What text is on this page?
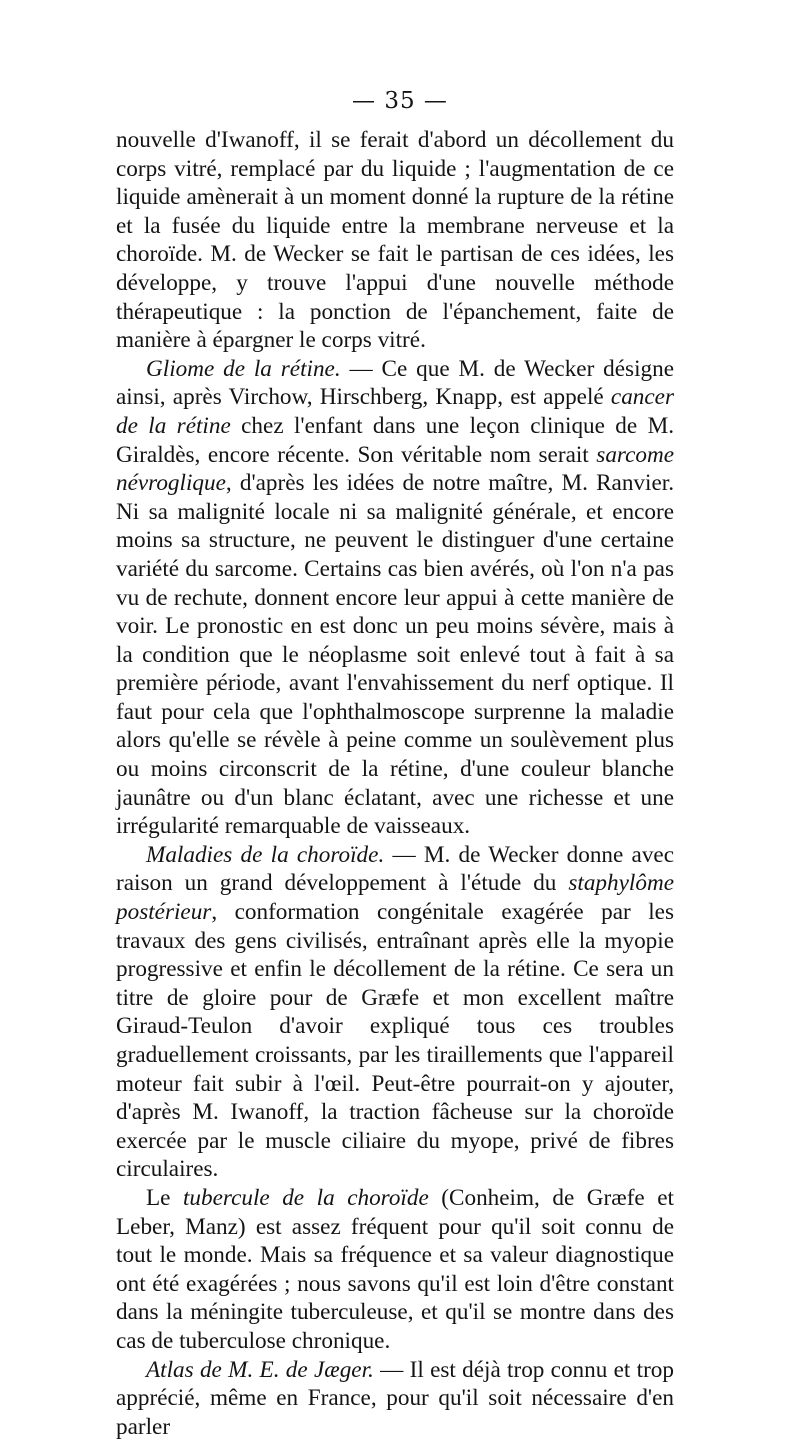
— 35 —

nouvelle d'Iwanoff, il se ferait d'abord un décollement du corps vitré, remplacé par du liquide ; l'augmentation de ce liquide amènerait à un moment donné la rupture de la rétine et la fusée du liquide entre la membrane nerveuse et la choroïde. M. de Wecker se fait le partisan de ces idées, les développe, y trouve l'appui d'une nouvelle méthode thérapeutique : la ponction de l'épanchement, faite de manière à épargner le corps vitré.

Gliome de la rétine. — Ce que M. de Wecker désigne ainsi, après Virchow, Hirschberg, Knapp, est appelé cancer de la rétine chez l'enfant dans une leçon clinique de M. Giraldès, encore récente. Son véritable nom serait sarcome névroglique, d'après les idées de notre maître, M. Ranvier. Ni sa malignité locale ni sa malignité générale, et encore moins sa structure, ne peuvent le distinguer d'une certaine variété du sarcome. Certains cas bien avérés, où l'on n'a pas vu de rechute, donnent encore leur appui à cette manière de voir. Le pronostic en est donc un peu moins sévère, mais à la condition que le néoplasme soit enlevé tout à fait à sa première période, avant l'envahissement du nerf optique. Il faut pour cela que l'ophthalmoscope surprenne la maladie alors qu'elle se révèle à peine comme un soulèvement plus ou moins circonscrit de la rétine, d'une couleur blanche jaunâtre ou d'un blanc éclatant, avec une richesse et une irrégularité remarquable de vaisseaux.

Maladies de la choroïde. — M. de Wecker donne avec raison un grand développement à l'étude du staphylôme postérieur, conformation congénitale exagérée par les travaux des gens civilisés, entraînant après elle la myopie progressive et enfin le décollement de la rétine. Ce sera un titre de gloire pour de Græfe et mon excellent maître Giraud-Teulon d'avoir expliqué tous ces troubles graduellement croissants, par les tiraillements que l'appareil moteur fait subir à l'œil. Peut-être pourrait-on y ajouter, d'après M. Iwanoff, la traction fâcheuse sur la choroïde exercée par le muscle ciliaire du myope, privé de fibres circulaires.

Le tubercule de la choroïde (Conheim, de Græfe et Leber, Manz) est assez fréquent pour qu'il soit connu de tout le monde. Mais sa fréquence et sa valeur diagnostique ont été exagérées ; nous savons qu'il est loin d'être constant dans la méningite tuberculeuse, et qu'il se montre dans des cas de tuberculose chronique.

Atlas de M. E. de Jæger. — Il est déjà trop connu et trop apprécié, même en France, pour qu'il soit nécessaire d'en parler
